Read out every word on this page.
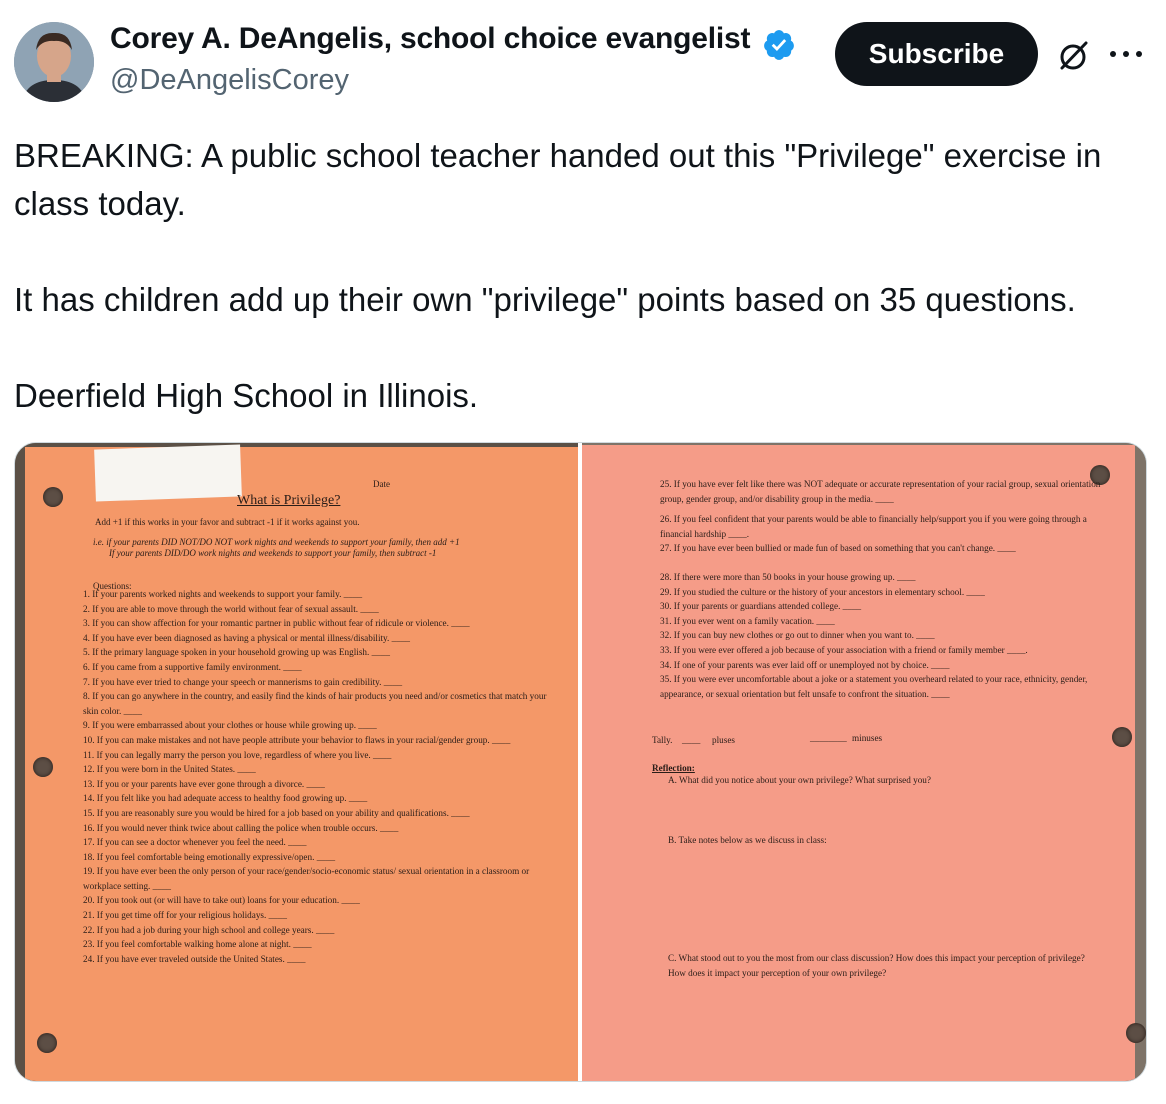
Corey A. DeAngelis, school choice evangelist
@DeAngelisCorey
Subscribe

BREAKING: A public school teacher handed out this "Privilege" exercise in class today.

It has children add up their own "privilege" points based on 35 questions.

Deerfield High School in Illinois.

Date
What is Privilege?
Add +1 if this works in your favor and subtract -1 if it works against you.
i.e. if your parents DID NOT/DO NOT work nights and weekends to support your family, then add +1
If your parents DID/DO work nights and weekends to support your family, then subtract -1
Questions:
1. If your parents worked nights and weekends to support your family. ____
2. If you are able to move through the world without fear of sexual assault. ____
3. If you can show affection for your romantic partner in public without fear of ridicule or violence. ____
4. If you have ever been diagnosed as having a physical or mental illness/disability. ____
5. If the primary language spoken in your household growing up was English. ____
6. If you came from a supportive family environment. ____
7. If you have ever tried to change your speech or mannerisms to gain credibility. ____
8. If you can go anywhere in the country, and easily find the kinds of hair products you need and/or cosmetics that match your skin color. ____
9. If you were embarrassed about your clothes or house while growing up. ____
10. If you can make mistakes and not have people attribute your behavior to flaws in your racial/gender group. ____
11. If you can legally marry the person you love, regardless of where you live. ____
12. If you were born in the United States. ____
13. If you or your parents have ever gone through a divorce. ____
14. If you felt like you had adequate access to healthy food growing up. ____
15. If you are reasonably sure you would be hired for a job based on your ability and qualifications. ____
16. If you would never think twice about calling the police when trouble occurs. ____
17. If you can see a doctor whenever you feel the need. ____
18. If you feel comfortable being emotionally expressive/open. ____
19. If you have ever been the only person of your race/gender/socio-economic status/ sexual orientation in a classroom or workplace setting. ____
20. If you took out (or will have to take out) loans for your education. ____
21. If you get time off for your religious holidays. ____
22. If you had a job during your high school and college years. ____
23. If you feel comfortable walking home alone at night. ____
24. If you have ever traveled outside the United States. ____
25. If you have ever felt like there was NOT adequate or accurate representation of your racial group, sexual orientation group, gender group, and/or disability group in the media. ____
26. If you feel confident that your parents would be able to financially help/support you if you were going through a financial hardship ____.
27. If you have ever been bullied or made fun of based on something that you can't change. ____
28. If there were more than 50 books in your house growing up. ____
29. If you studied the culture or the history of your ancestors in elementary school. ____
30. If your parents or guardians attended college. ____
31. If you ever went on a family vacation. ____
32. If you can buy new clothes or go out to dinner when you want to. ____
33. If you were ever offered a job because of your association with a friend or family member ____.
34. If one of your parents was ever laid off or unemployed not by choice. ____
35. If you were ever uncomfortable about a joke or a statement you overheard related to your race, ethnicity, gender, appearance, or sexual orientation but felt unsafe to confront the situation. ____
Tally. ____ pluses	________ minuses
Reflection:
A. What did you notice about your own privilege? What surprised you?
B. Take notes below as we discuss in class:
C. What stood out to you the most from our class discussion? How does this impact your perception of privilege? How does it impact your perception of your own privilege?
